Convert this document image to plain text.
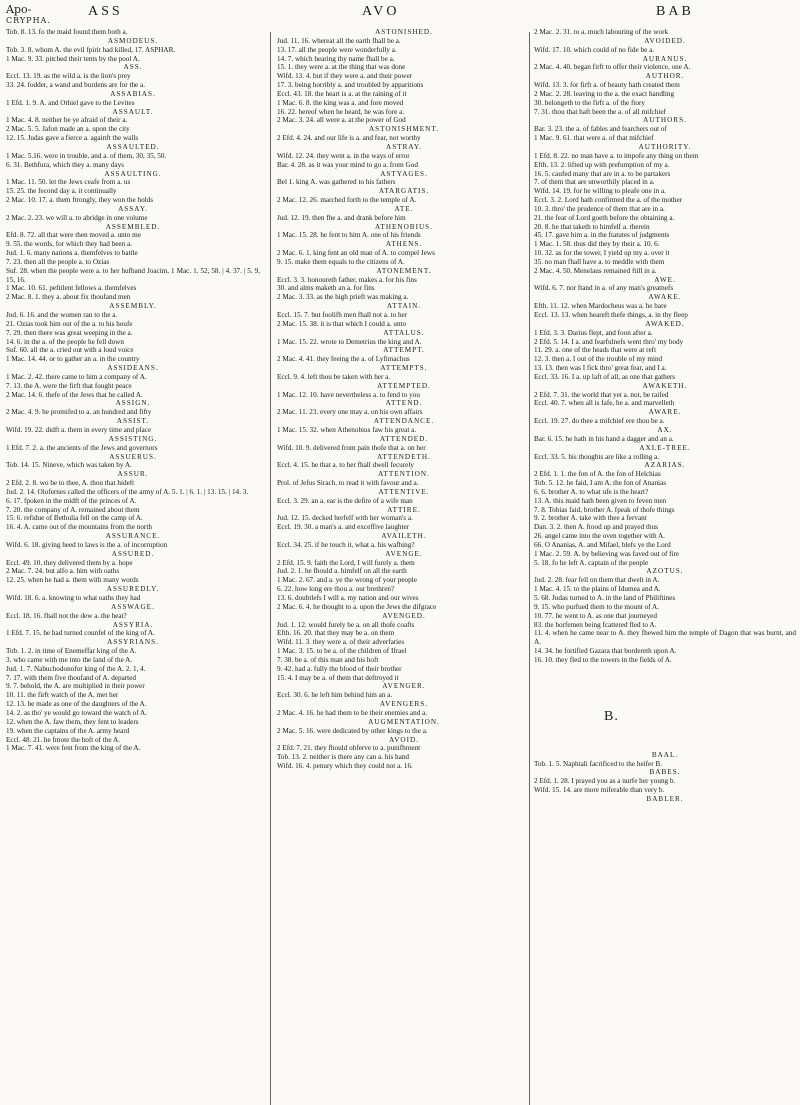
Apo-
CRYPHA.
ASS	AVO	BAB

Tob. 8. 13. fo the maid found them both a.

ASMODEUS.

Tob. 3. 8. whom A. the evil fpirit had killed, 17. ASPHAR.

1 Mac. 9. 33. pitched their tents by the pool A.

ASS.

Eccl. 13. 19. as the wild a. is the lion's prey

33. 24. fodder, a wand and burdens are for the a.

ASSABIAS.

1 Efd. 1. 9. A. and Othiel gave to the Levites

ASSAULT.

1 Mac. 4. 8. neither be ye afraid of their a.

2 Mac. 5. 5. Jafon made an a. upon the city

12. 15. Judas gave a fierce a. againft the walls

ASSAULTED.

1 Mac. 5.16. were in trouble, and a. of them, 30, 35, 50.

6. 31. Bethfura, which they a. many days

ASSAULTING.

1 Mac. 11. 50. let the Jews ceafe from a. us

15. 25. the fecond day a. it continually

2 Mac. 10. 17. a. them ftrongly, they won the holds

ASSAY.

2 Mac. 2. 23. we will a. to abridge in one volume

ASSEMBLED.

Efd. 8. 72. all that were then moved a. unto me

9. 55. the words, for which they had been a.

Jud. 1. 6. many nations a. themfelves to battle

7. 23. then all the people a. to Ozias

Suf. 28. when the people were a. to her hufband Joacim, 1 Mac. 1. 52, 58. | 4. 37. | 5. 9, 15, 16.

1 Mac. 10. 61. peftilent fellows a. themfelves

2 Mac. 8. 1. they a. about fix thoufand men

ASSEMBLY.

Jud. 6. 16. and the women ran to the a.

21. Ozias took him out of the a. to his houfe

7. 29. then there was great weeping in the a.

14. 6. in the a. of the people he fell down

Suf. 60. all the a. cried out with a loud voice

1 Mac. 14. 44. or to gather an a. in the country

ASSIDEANS.

1 Mac. 2. 42. there came to him a company of A.

7. 13. the A. were the firft that fought peace

2 Mac. 14. 6. thefe of the Jews that he called A.

ASSIGN.

2 Mac. 4. 9. he promifed to a. an hundred and fifty

ASSIST.

Wifd. 19. 22. didft a. them in every time and place

ASSISTING.

1 Efd. 7. 2. a. the ancients of the Jews and governors

ASSUERUS.

Tob. 14. 15. Nineve, which was taken by A.

ASSUR.

2 Efd. 2. 8. wo be to thee, A. thou that hideft

Jud. 2. 14. Olofernes called the officers of the army of A. 5. 1. | 6. 1. | 13. 15. | 14. 3.

6. 17. fpoken in the midft of the princes of A.

7. 20. the company of A. remained about them

15. 6. refidue of Bethulia fell on the camp of A.

16. 4. A. came out of the mountains from the north

ASSURANCE.

Wifd. 6. 18. giving heed to laws is the a. of incorruption

ASSURED.

Eccl. 49. 10. they delivered them by a. hope

2 Mac. 7. 24. but alfo a. him with oaths

12. 25. when he had a. them with many words

ASSUREDLY.

Wifd. 18. 6. a. knowing to what oaths they had

ASSWAGE.

Eccl. 18. 16. fhall not the dew a. the heat?

ASSYRIA.

1 Efd. 7. 15. he had turned counfel of the king of A.

ASSYRIANS.

Tob. 1. 2. in time of Enemeffar king of the A.

3. who came with me into the land of the A.

Jud. 1. 7. Nabuchodonofor king of the A. 2. 1, 4.

7. 17. with them five thoufand of A. departed

9. 7. behold, the A. are multiplied in their power

10. 11. the firft watch of the A. met her

12. 13. be made as one of the daughters of the A.

14. 2. as tho' ye would go toward the watch of A.

12. when the A. faw them, they fent to leaders

19. when the captains of the A. army heard

Eccl. 48. 21. he fmote the hoft of the A.

1 Mac. 7. 41. were fent from the king of the A.

ASTONISHED.

Jud. 11. 16. whereat all the earth fhall be a.

13. 17. all the people were wonderfully a.

14. 7. which hearing thy name fhall be a.

15. 1. they were a. at the thing that was done

Wifd. 13. 4. but if they were a. and their power

17. 3. being horribly a. and troubled by apparitions

Eccl. 43. 18. the heart is a. at the raining of it

1 Mac. 6. 8. the king was a. and fore moved

16. 22. hereof when he heard, he was fore a.

2 Mac. 3. 24. all were a. at the power of God

ASTONISHMENT.

2 Efd. 4. 24. and our life is a. and fear, not worthy

ASTRAY.

Wifd. 12. 24. they went a. in the ways of error

Bar. 4. 28. as it was your mind to go a. from God

ASTYAGES.

Bel 1. king A. was gathered to his fathers

ATARGATIS.

2 Mac. 12. 26. marched forth to the temple of A.

ATE.

Jud. 12. 19. then fhe a. and drank before him

ATHENOBIUS.

1 Mac. 15. 28. he fent to him A. one of his friends

ATHENS.

2 Mac. 6. 1. king fent an old man of A. to compel Jews

9. 15. make them equals to the citizens of A.

ATONEMENT.

Eccl. 3. 3. honoureth father, makes a. for his fins

30. and alms maketh an a. for fins

2 Mac. 3. 33. as the high prieft was making a.

ATTAIN.

Eccl. 15. 7. but foolifh men fhall not a. to her

2 Mac. 15. 38. it is that which I could a. unto

ATTALUS.

1 Mac. 15. 22. wrote to Demetrius the king and A.

ATTEMPT.

2 Mac. 4. 41. they feeing the a. of Lyfimachus

ATTEMPTS.

Eccl. 9. 4. left thou be taken with her a.

ATTEMPTED.

1 Mac. 12. 10. have nevertheless a. to fend to you

ATTEND.

2 Mac. 11. 23. every one may a. on his own affairs

ATTENDANCE.

1 Mac. 15. 32. when Athenobius faw his great a.

ATTENDED.

Wifd. 10. 9. delivered from pain thofe that a. on her

ATTENDETH.

Eccl. 4. 15. he that a. to her fhall dwell fecurely

ATTENTION.

Prol. of Jefus Sirach. to read it with favour and a.

ATTENTIVE.

Eccl. 3. 29. an a. ear is the defire of a wife man

ATTIRE.

Jud. 12. 15. decked herfelf with her woman's a.

Eccl. 19. 30. a man's a. and exceffive laughter

AVAILETH.

Eccl. 34. 25. if he touch it, what a. his wafhing?

AVENGE.

2 Efd. 15. 9. faith the Lord, I will furely a. them

Jud. 2. 1. he fhould a. himfelf on all the earth

1 Mac. 2. 67. and a. ye the wrong of your people

6. 22. how long ere thou a. our brethren?

13. 6. doubtlefs I will a. my nation and our wives

2 Mac. 6. 4. he thought to a. upon the Jews the difgrace

AVENGED.

Jud. 1. 12. would furely be a. on all thofe coafts

Efth. 16. 20. that they may be a. on them

Wifd. 11. 3. they were a. of their adverfaries

1 Mac. 3. 15. to be a. of the children of Ifrael

7. 38. be a. of this man and his hoft

9. 42. had a. fully the blood of their brother

15. 4. I may be a. of them that deftroyed it

AVENGER.

Eccl. 30. 6. he left him behind him an a.

AVENGERS.

2 Mac. 4. 16. he had them to be their enemies and a.

AUGMENTATION.

2 Mac. 5. 16. were dedicated by other kings to the a.

AVOID.

2 Efd. 7. 21. they fhould obferve to a. punifhment

Tob. 13. 2. neither is there any can a. his hand

Wifd. 16. 4. penury which they could not a. 16.

2 Mac. 2. 31. to a. much labouring of the work

AVOIDED.

Wifd. 17. 10. which could of no fide be a.

AURANUS.

2 Mac. 4. 40. began firft to offer their violence, one A.

AUTHOR.

Wifd. 13. 3. for firft a. of beauty hath created them

2 Mac. 2. 28. leaving to the a. the exact handling

30. belongeth to the firft a. of the ftory

7. 31. thou that haft been the a. of all mifchief

AUTHORS.

Bar. 3. 23. the a. of fables and fearchers out of

1 Mac. 9. 61. that were a. of that mifchief

AUTHORITY.

1 Efd. 8. 22. no man have a. to impofe any thing on them

Efth. 13. 2. lifted up with prefumption of my a.

16. 5. caufed many that are in a. to be partakers

7. of them that are unworthily placed in a.

Wifd. 14. 19. for he willing to pleafe one in a.

Eccl. 3. 2. Lord hath confirmed the a. of the mother

10. 3. thro' the prudence of them that are in a.

21. the fear of Lord goeth before the obtaining a.

20. 8. he that taketh to himfelf a. therein

45. 17. gave him a. in the ftatutes of judgments

1 Mac. 1. 58. thus did they by their a. 10. 6.

10. 32. as for the tower, I yield up my a. over it

35. no man fhall have a. to meddle with them

2 Mac. 4. 50. Menelaus remained ftill in a.

AWE.

Wifd. 6. 7. nor ftand in a. of any man's greatnefs

AWAKE.

Efth. 11. 12. when Mardocheus was a. he bare

Eccl. 13. 13. when heareft thefe things, a. in thy fleep

AWAKED.

1 Efd. 3. 3. Darius flept, and foon after a.

2 Efd. 5. 14. I a. and fearfulnefs went thro' my body

11. 29. a. one of the heads that were at reft

12. 3. then a. I out of the trouble of my mind

13. 13. then was I fick thro' great fear, and I a.

Eccl. 33. 16. I a. up laft of all, as one that gathers

AWAKETH.

2 Efd. 7. 31. the world that yet a. not, be raifed

Eccl. 40. 7. when all is fafe, he a. and marvelleth

AWARE.

Eccl. 19. 27. do thee a mifchief ere thou be a.

AX.

Bar. 6. 15. he hath in his hand a dagger and an a.

AXLE-TREE.

Eccl. 33. 5. his thoughts are like a rolling a.

AZARIAS.

2 Efd. 1. 1. the fon of A. the fon of Helchias

Tob. 5. 12. he faid, I am A. the fon of Ananias

6. 6. brother A. to what ufe is the heart?

13. A. this maid hath been given to feven men

7. 8. Tobias faid, brother A. fpeak of thofe things

9. 2. brother A. take with thee a fervant

Dan. 3. 2. then A. ftood up and prayed thus

26. angel came into the oven together with A.

66. O Ananias, A. and Mifael, blefs ye the Lord

1 Mac. 2. 59. A. by believing was faved out of fire

5. 18. fo he left A. captain of the people

AZOTUS.

Jud. 2. 28. fear fell on them that dwelt in A.

1 Mac. 4. 15. to the plains of Idumea and A.

5. 68. Judas turned to A. in the land of Philiftines

9. 15. who purfued them to the mount of A.

10. 77. he went to A. as one that journeyed

83. the horfemen being fcattered fled to A.

11. 4. when he came near to A. they fhewed him the temple of Dagon that was burnt, and A.

14. 34. he fortified Gazara that bordereth upon A.

16. 10. they fled to the towers in the fields of A.

B.

BAAL.

Tob. 1. 5. Naphtali facrificed to the heifer B.

BABES.

2 Efd. 1. 28. I prayed you as a nurfe her young b.

Wifd. 15. 14. are more miferable than very b.

BABLER.
